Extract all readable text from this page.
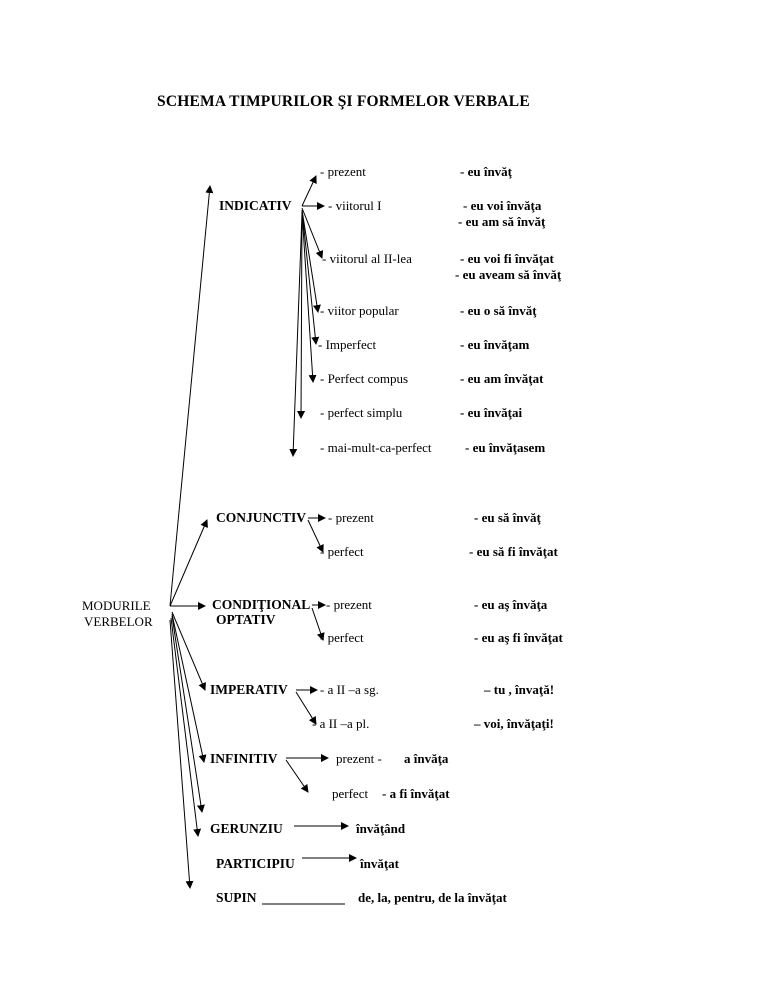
SCHEMA TIMPURILOR ŞI FORMELOR VERBALE
MODURILE
VERBELOR
INDICATIV
- prezent	- eu învăţ
- viitorul I	- eu voi învăţa
- eu am să învăţ
- viitorul al II-lea	- eu voi fi învăţat
- eu aveam să învăţ
- viitor popular	- eu o să învăţ
- Imperfect	- eu învăţam
- Perfect compus	- eu am învăţat
- perfect simplu	- eu învăţai
- mai-mult-ca-perfect	- eu învăţasem
CONJUNCTIV - prezent	- eu să învăţ
- perfect	- eu să fi învăţat
CONDIŢIONAL
OPTATIV
- prezent	- eu aş învăţa
- perfect	- eu aş fi învăţat
IMPERATIV - a II –a sg.	– tu , învaţă!
- a II –a pl.	– voi, învăţaţi!
INFINITIV	prezent - a învăţa
perfect - a fi învăţat
GERUNZIU	învăţând
PARTICIPIU	învăţat
SUPIN	de, la, pentru, de la învăţat
